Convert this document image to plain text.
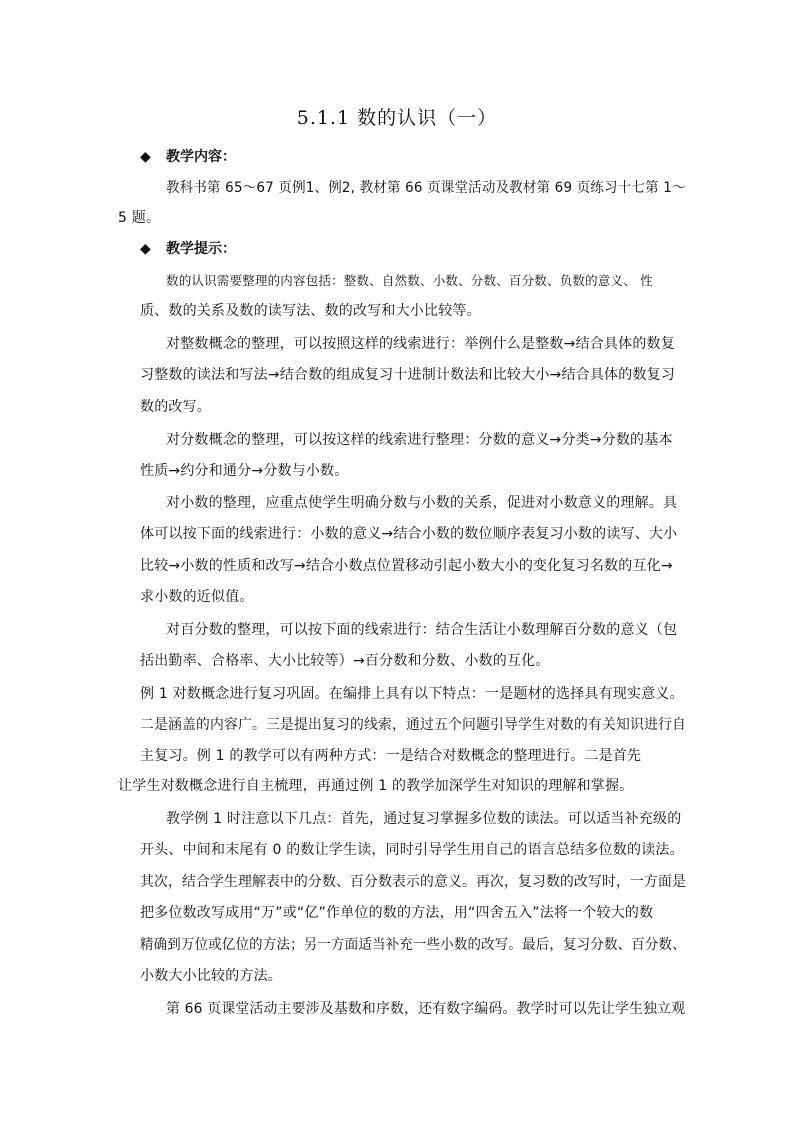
5.1.1 数的认识（一）
◆ 教学内容：
教科书第 65～67 页例1、例2, 教材第 66 页课堂活动及教材第 69 页练习十七第 1～
5 题。
◆ 教学提示：
数的认识需要整理的内容包括：整数、自然数、小数、分数、百分数、负数的意义、 性
质、数的关系及数的读写法、数的改写和大小比较等。
对整数概念的整理，可以按照这样的线索进行：举例什么是整数→结合具体的数复
习整数的读法和写法→结合数的组成复习十进制计数法和比较大小→结合具体的数复习
数的改写。
对分数概念的整理，可以按这样的线索进行整理：分数的意义→分类→分数的基本
性质→约分和通分→分数与小数。
对小数的整理，应重点使学生明确分数与小数的关系，促进对小数意义的理解。具
体可以按下面的线索进行：小数的意义→结合小数的数位顺序表复习小数的读写、大小
比较→小数的性质和改写→结合小数点位置移动引起小数大小的变化复习名数的互化→
求小数的近似值。
对百分数的整理，可以按下面的线索进行：结合生活让小数理解百分数的意义（包
括出勤率、合格率、大小比较等）→百分数和分数、小数的互化。
例 1 对数概念进行复习巩固。在编排上具有以下特点：一是题材的选择具有现实意义。
二是涵盖的内容广。三是提出复习的线索，通过五个问题引导学生对数的有关知识进行自
主复习。例 1 的教学可以有两种方式：一是结合对数概念的整理进行。二是首先
让学生对数概念进行自主梳理，再通过例 1 的教学加深学生对知识的理解和掌握。
教学例 1 时注意以下几点：首先，通过复习掌握多位数的读法。可以适当补充级的
开头、中间和末尾有 0 的数让学生读，同时引导学生用自己的语言总结多位数的读法。
其次，结合学生理解表中的分数、百分数表示的意义。再次，复习数的改写时，一方面是
把多位数改写成用“万”或“亿”作单位的数的方法，用“四舍五入”法将一个较大的数
精确到万位或亿位的方法；另一方面适当补充一些小数的改写。最后，复习分数、百分数、
小数大小比较的方法。
第 66 页课堂活动主要涉及基数和序数，还有数字编码。教学时可以先让学生独立观
